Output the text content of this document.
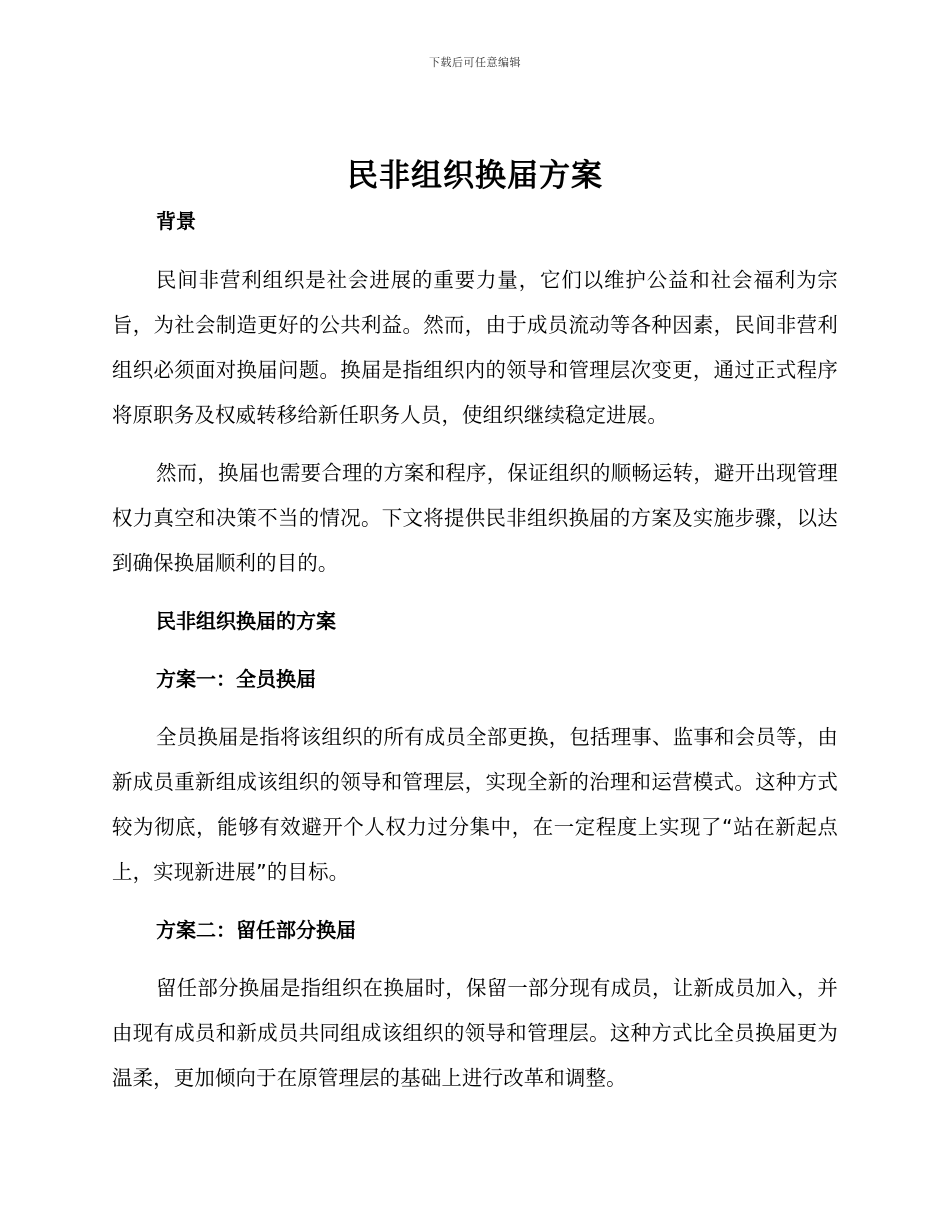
下载后可任意编辑
民非组织换届方案
背景

民间非营利组织是社会进展的重要力量，它们以维护公益和社会福利为宗旨，为社会制造更好的公共利益。然而，由于成员流动等各种因素，民间非营利组织必须面对换届问题。换届是指组织内的领导和管理层次变更，通过正式程序将原职务及权威转移给新任职务人员，使组织继续稳定进展。

然而，换届也需要合理的方案和程序，保证组织的顺畅运转，避开出现管理权力真空和决策不当的情况。下文将提供民非组织换届的方案及实施步骤，以达到确保换届顺利的目的。

民非组织换届的方案
方案一：全员换届

全员换届是指将该组织的所有成员全部更换，包括理事、监事和会员等，由新成员重新组成该组织的领导和管理层，实现全新的治理和运营模式。这种方式较为彻底，能够有效避开个人权力过分集中，在一定程度上实现了“站在新起点上，实现新进展”的目标。

方案二：留任部分换届

留任部分换届是指组织在换届时，保留一部分现有成员，让新成员加入，并由现有成员和新成员共同组成该组织的领导和管理层。这种方式比全员换届更为温柔，更加倾向于在原管理层的基础上进行改革和调整。
